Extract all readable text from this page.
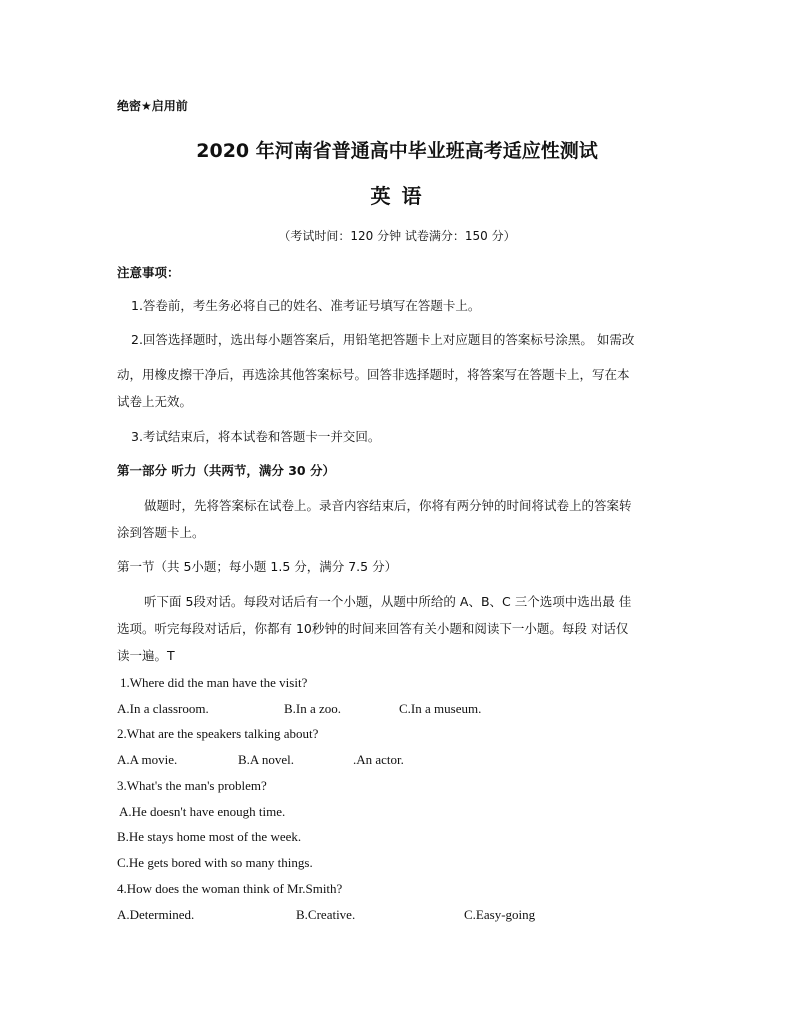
绝密★启用前
2020 年河南省普通高中毕业班高考适应性测试
英 语
（考试时间：120 分钟 试卷满分：150 分）
注意事项：
1.答卷前，考生务必将自己的姓名、准考证号填写在答题卡上。
2.回答选择题时，选出每小题答案后，用铅笔把答题卡上对应题目的答案标号涂黑。 如需改
动，用橡皮擦干净后，再选涂其他答案标号。回答非选择题时，将答案写在答题卡上，写在本
试卷上无效。
3.考试结束后，将本试卷和答题卡一并交回。
第一部分 听力（共两节，满分 30 分）
做题时，先将答案标在试卷上。录音内容结束后，你将有两分钟的时间将试卷上的答案转
涂到答题卡上。
第一节（共 5小题；每小题 1.5 分，满分 7.5 分）
听下面 5段对话。每段对话后有一个小题，从题中所给的 A、B、C 三个选项中选出最 佳
选项。听完每段对话后，你都有 10秒钟的时间来回答有关小题和阅读下一小题。每段 对话仅
读一遍。T
1.Where did the man have the visit?
A.In a classroom.	B.In a zoo.	C.In a museum.
2.What are the speakers talking about?
A.A movie.	B.A novel.	.An actor.
3.What's the man's problem?
A.He doesn't have enough time.
B.He stays home most of the week.
C.He gets bored with so many things.
4.How does the woman think of Mr.Smith?
A.Determined.	B.Creative.	C.Easy-going
